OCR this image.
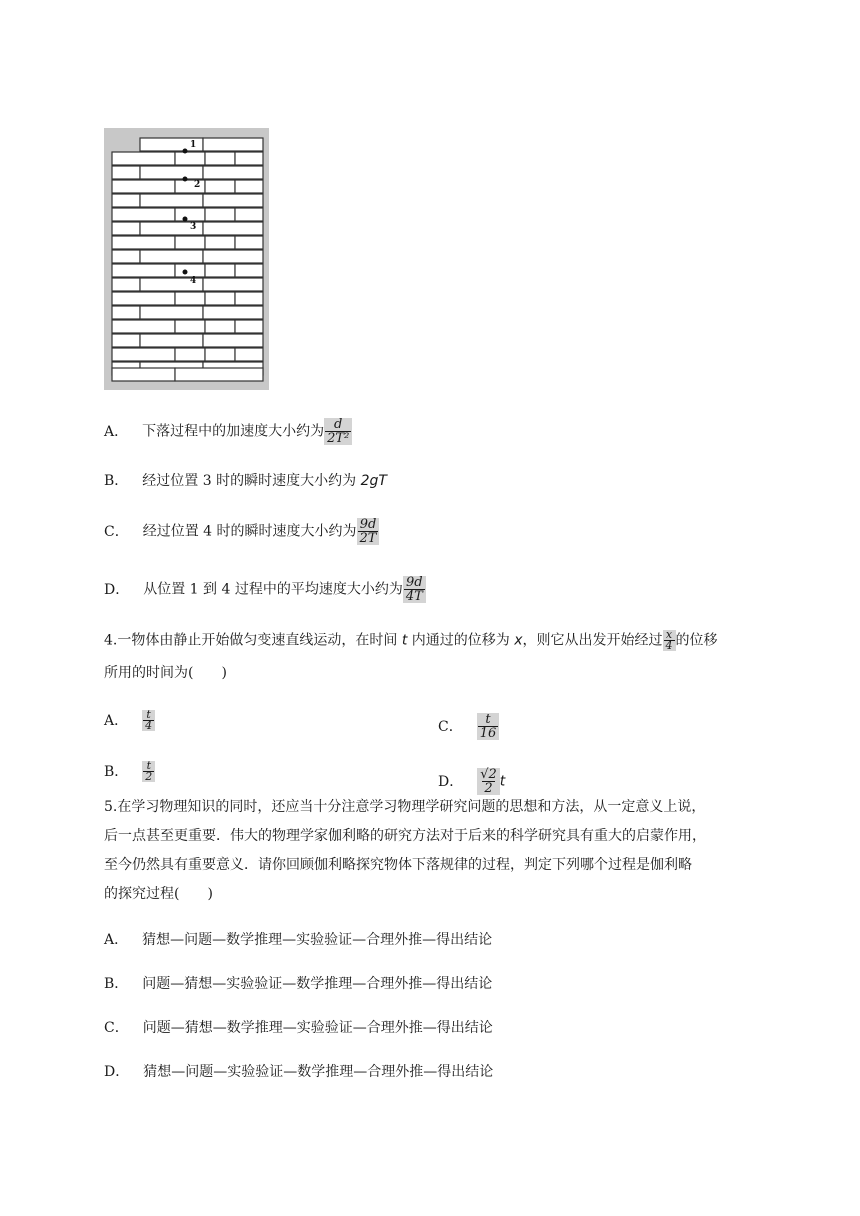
1
2
3
4
A． 下落过程中的加速度大小约为 $\frac{d}{\text{2T²}}$
B． 经过位置 3 时的瞬时速度大小约为 2gT
C． 经过位置 4 时的瞬时速度大小约为 $\frac{9d}{2T}$
D． 从位置 1 到 4 过程中的平均速度大小约为 $\frac{9d}{4T}$
4.一物体由静止开始做匀变速直线运动，在时间 t 内通过的位移为 x，则它从出发开始经过 $\frac{x}{4}$ 的位移
所用的时间为(　　)
A． $\frac{t}{4}$	C． $\frac{t}{16}$
B． $\frac{t}{2}$	D． $\frac{√2}{2}$ t
5.在学习物理知识的同时，还应当十分注意学习物理学研究问题的思想和方法，从一定意义上说，
后一点甚至更重要．伟大的物理学家伽利略的研究方法对于后来的科学研究具有重大的启蒙作用，
至今仍然具有重要意义．请你回顾伽利略探究物体下落规律的过程，判定下列哪个过程是伽利略
的探究过程(　　)
A． 猜想—问题—数学推理—实验验证—合理外推—得出结论
B． 问题—猜想—实验验证—数学推理—合理外推—得出结论
C． 问题—猜想—数学推理—实验验证—合理外推—得出结论
D． 猜想—问题—实验验证—数学推理—合理外推—得出结论
